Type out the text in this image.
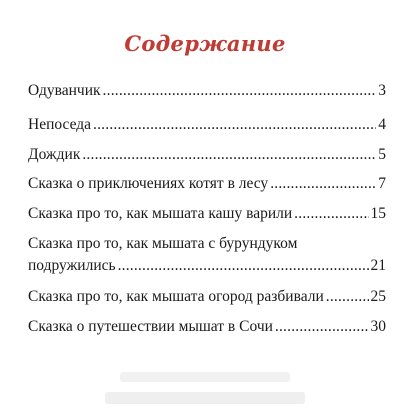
Содержание
Одуванчик .....	3
Непоседа .....	4
Дождик .....	5
Сказка о приключениях котят в лесу .....	7
Сказка про то, как мышата кашу варили .....	15
Сказка про то, как мышата с бурундуком
подружились .....	21
Сказка про то, как мышата огород разбивали .....	25
Сказка о путешествии мышат в Сочи .....	30
